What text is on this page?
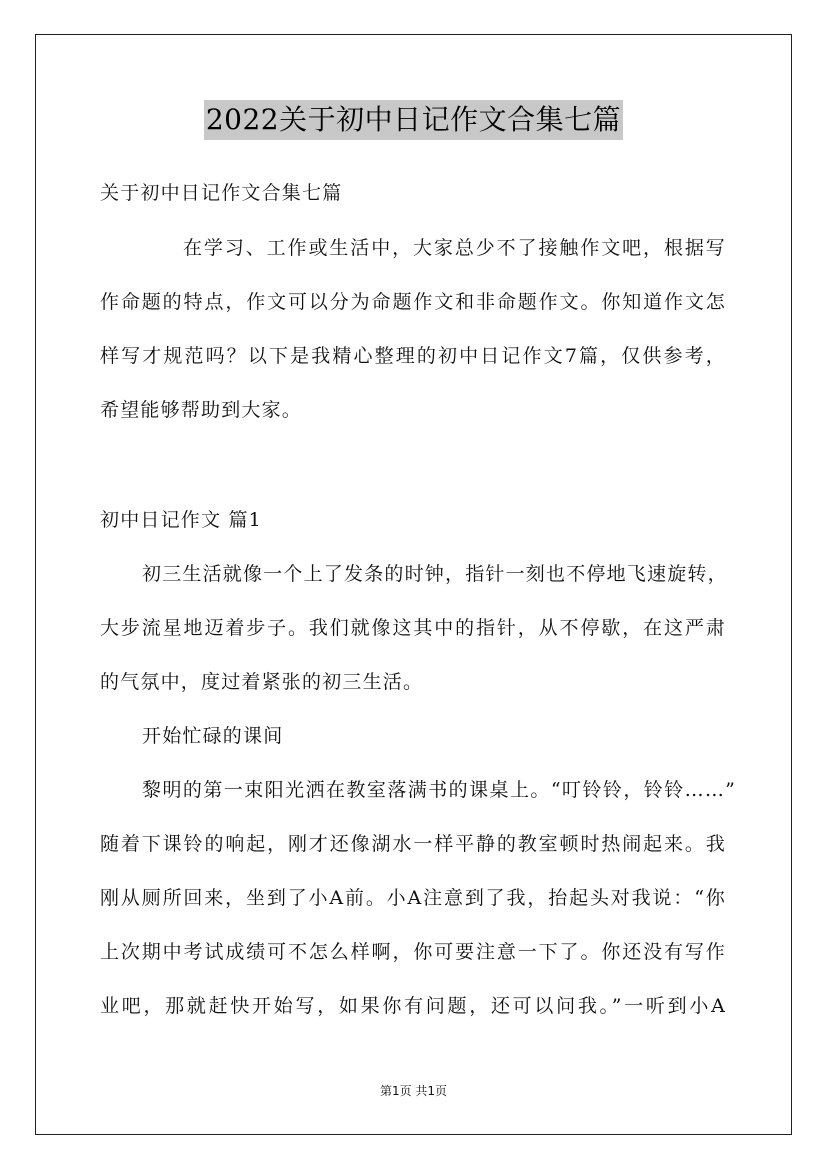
2022关于初中日记作文合集七篇
关于初中日记作文合集七篇
在学习、工作或生活中，大家总少不了接触作文吧，根据写
作命题的特点，作文可以分为命题作文和非命题作文。你知道作文怎
样写才规范吗？以下是我精心整理的初中日记作文7篇，仅供参考，
希望能够帮助到大家。
初中日记作文 篇1
初三生活就像一个上了发条的时钟，指针一刻也不停地飞速旋转，
大步流星地迈着步子。我们就像这其中的指针，从不停歇，在这严肃
的气氛中，度过着紧张的初三生活。
开始忙碌的课间
黎明的第一束阳光洒在教室落满书的课桌上。“叮铃铃，铃铃……”
随着下课铃的响起，刚才还像湖水一样平静的教室顿时热闹起来。我
刚从厕所回来，坐到了小A前。小A注意到了我，抬起头对我说：“你
上次期中考试成绩可不怎么样啊，你可要注意一下了。你还没有写作
业吧，那就赶快开始写，如果你有问题，还可以问我。”一听到小A
第1页 共1页
